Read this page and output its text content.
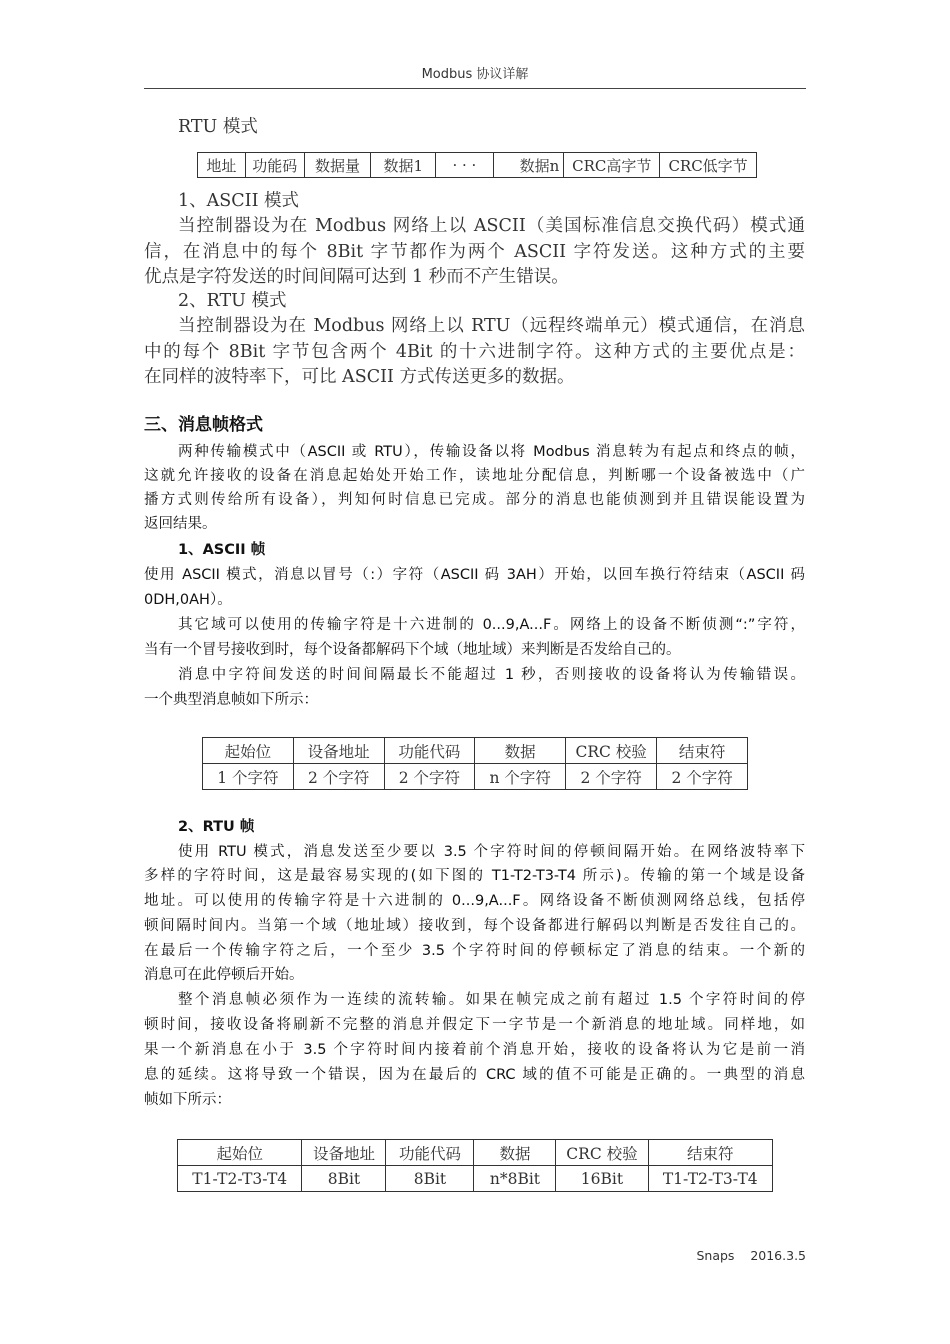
Modbus 协议详解
RTU 模式
地址	功能码	数据量	数据1	· · ·	数据n	CRC高字节	CRC低字节
1、ASCII 模式
当控制器设为在 Modbus 网络上以 ASCII（美国标准信息交换代码）模式通
信，在消息中的每个 8Bit 字节都作为两个 ASCII 字符发送。这种方式的主要
优点是字符发送的时间间隔可达到 1 秒而不产生错误。
2、RTU 模式
当控制器设为在 Modbus 网络上以 RTU（远程终端单元）模式通信，在消息
中的每个 8Bit 字节包含两个 4Bit 的十六进制字符。这种方式的主要优点是：
在同样的波特率下，可比 ASCII 方式传送更多的数据。
三、消息帧格式
两种传输模式中（ASCII 或 RTU），传输设备以将 Modbus 消息转为有起点和终点的帧，
这就允许接收的设备在消息起始处开始工作，读地址分配信息，判断哪一个设备被选中（广
播方式则传给所有设备），判知何时信息已完成。部分的消息也能侦测到并且错误能设置为
返回结果。
1、ASCII 帧
使用 ASCII 模式，消息以冒号（:）字符（ASCII 码 3AH）开始，以回车换行符结束（ASCII 码
0DH,0AH）。
其它域可以使用的传输字符是十六进制的 0...9,A...F。网络上的设备不断侦测“:”字符，
当有一个冒号接收到时，每个设备都解码下个域（地址域）来判断是否发给自己的。
消息中字符间发送的时间间隔最长不能超过 1 秒，否则接收的设备将认为传输错误。
一个典型消息帧如下所示：
起始位	设备地址	功能代码	数据	CRC 校验	结束符
1 个字符	2 个字符	2 个字符	n 个字符	2 个字符	2 个字符
2、RTU 帧
使用 RTU 模式，消息发送至少要以 3.5 个字符时间的停顿间隔开始。在网络波特率下
多样的字符时间，这是最容易实现的(如下图的 T1-T2-T3-T4 所示)。传输的第一个域是设备
地址。可以使用的传输字符是十六进制的 0...9,A...F。网络设备不断侦测网络总线，包括停
顿间隔时间内。当第一个域（地址域）接收到，每个设备都进行解码以判断是否发往自己的。
在最后一个传输字符之后，一个至少 3.5 个字符时间的停顿标定了消息的结束。一个新的
消息可在此停顿后开始。
整个消息帧必须作为一连续的流转输。如果在帧完成之前有超过 1.5 个字符时间的停
顿时间，接收设备将刷新不完整的消息并假定下一字节是一个新消息的地址域。同样地，如
果一个新消息在小于 3.5 个字符时间内接着前个消息开始，接收的设备将认为它是前一消
息的延续。这将导致一个错误，因为在最后的 CRC 域的值不可能是正确的。一典型的消息
帧如下所示：
起始位	设备地址	功能代码	数据	CRC 校验	结束符
T1-T2-T3-T4	8Bit	8Bit	n*8Bit	16Bit	T1-T2-T3-T4
Snaps    2016.3.5
